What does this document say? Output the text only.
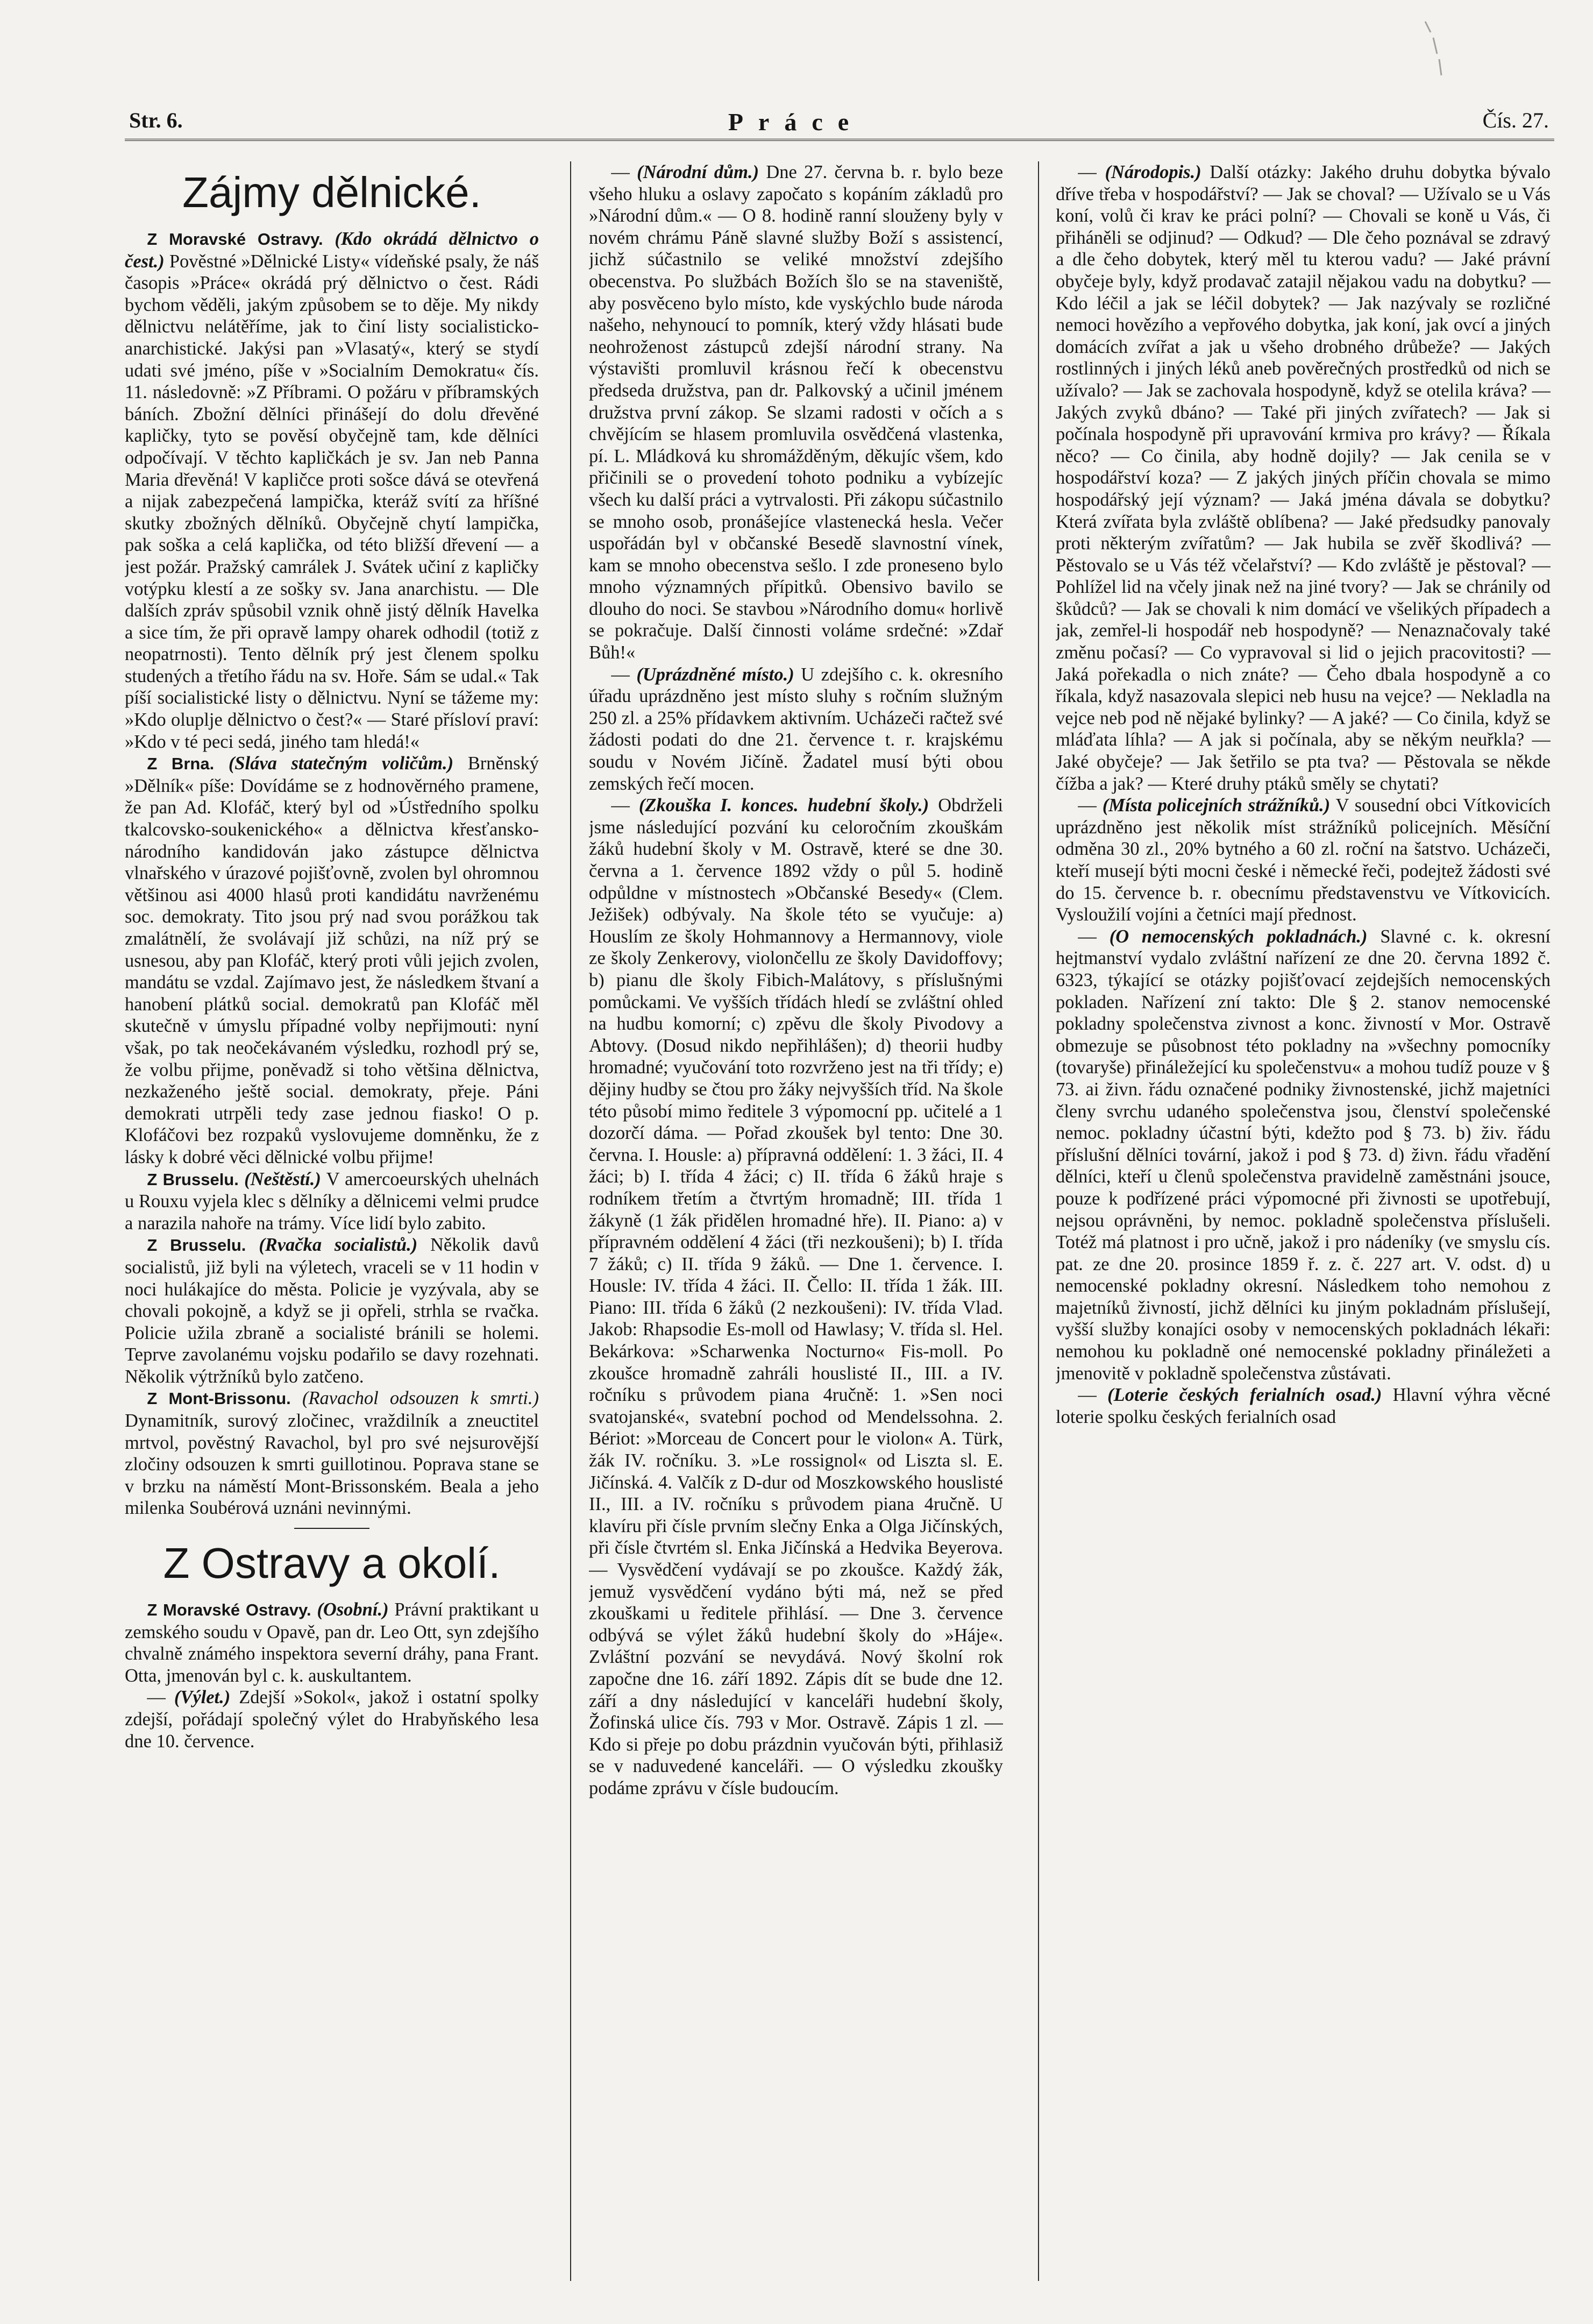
Str. 6.	Práce	Čís. 27.
Zájmy dělnické.

Z Moravské Ostravy. (Kdo okrádá dělnictvo o čest.) Pověstné »Dělnické Listy« vídeňské psaly, že náš časopis »Práce« okrádá prý dělnictvo o čest. Rádi bychom věděli, jakým způsobem se to děje. My nikdy dělnictvu nelátěříme, jak to činí listy socialisticko-anarchistické. Jakýsi pan »Vlasatý«, který se stydí udati své jméno, píše v »Socialním Demokratu« čís. 11. následovně: »Z Příbrami. O požáru v příbramských báních. Zbožní dělníci přinášejí do dolu dřevěné kapličky, tyto se pověsí obyčejně tam, kde dělníci odpočívají. V těchto kapličkách je sv. Jan neb Panna Maria dřevěná! V kapličce proti sošce dává se otevřená a nijak zabezpečená lampička, kteráž svítí za hříšné skutky zbožných dělníků. Obyčejně chytí lampička, pak soška a celá kaplička, od této bližší dřevení — a jest požár. Pražský camrálek J. Svátek učiní z kapličky votýpku klestí a ze sošky sv. Jana anarchistu. — Dle dalších zpráv spůsobil vznik ohně jistý dělník Havelka a sice tím, že při opravě lampy oharek odhodil (totiž z neopatrnosti). Tento dělník prý jest členem spolku studených a třetího řádu na sv. Hoře. Sám se udal.« Tak píší socialistické listy o dělnictvu. Nyní se tážeme my: »Kdo oluplje dělnictvo o čest?« — Staré přísloví praví: »Kdo v té peci sedá, jiného tam hledá!«

Z Brna. (Sláva statečným voličům.) Brněnský »Dělník« píše: Dovídáme se z hodnověrného pramene, že pan Ad. Klofáč, který byl od »Ústředního spolku tkalcovsko-soukenického« a dělnictva křesťansko-národního kandidován jako zástupce dělnictva vlnařského v úrazové pojišťovně, zvolen byl ohromnou většinou asi 4000 hlasů proti kandidátu navrženému soc. demokraty. Tito jsou prý nad svou porážkou tak zmalátnělí, že svolávají již schůzi, na níž prý se usnesou, aby pan Klofáč, který proti vůli jejich zvolen, mandátu se vzdal. Zajímavo jest, že následkem štvaní a hanobení plátků social. demokratů pan Klofáč měl skutečně v úmyslu případné volby nepřijmouti: nyní však, po tak neočekávaném výsledku, rozhodl prý se, že volbu přijme, poněvadž si toho většina dělnictva, nezkaženého ještě social. demokraty, přeje. Páni demokrati utrpěli tedy zase jednou fiasko! O p. Klofáčovi bez rozpaků vyslovujeme domněnku, že z lásky k dobré věci dělnické volbu přijme!

Z Brusselu. (Neštěstí.) V amercoeurských uhelnách u Rouxu vyjela klec s dělníky a dělnicemi velmi prudce a narazila nahoře na trámy. Více lidí bylo zabito.

Z Brusselu. (Rvačka socialistů.) Několik davů socialistů, již byli na výletech, vraceli se v 11 hodin v noci hulákajíce do města. Policie je vyzývala, aby se chovali pokojně, a když se ji opřeli, strhla se rvačka. Policie užila zbraně a socialisté bránili se holemi. Teprve zavolanému vojsku podařilo se davy rozehnati. Několik výtržníků bylo zatčeno.

Z Mont-Brissonu. (Ravachol odsouzen k smrti.) Dynamitník, surový zločinec, vraždilník a zneuctitel mrtvol, pověstný Ravachol, byl pro své nejsurovější zločiny odsouzen k smrti guillotinou. Poprava stane se v brzku na náměstí Mont-Brissonském. Beala a jeho milenka Soubérová uznáni nevinnými.

Z Ostravy a okolí.

Z Moravské Ostravy. (Osobní.) Právní praktikant u zemského soudu v Opavě, pan dr. Leo Ott, syn zdejšího chvalně známého inspektora severní dráhy, pana Frant. Otta, jmenován byl c. k. auskultantem.

— (Výlet.) Zdejší »Sokol«, jakož i ostatní spolky zdejší, pořádají společný výlet do Hrabyňského lesa dne 10. července.

— (Národní dům.) Dne 27. června b. r. bylo beze všeho hluku a oslavy započato s kopáním základů pro »Národní dům.« — O 8. hodině ranní slouženy byly v novém chrámu Páně slavné služby Boží s assistencí, jichž súčastnilo se veliké množství zdejšího obecenstva. Po službách Božích šlo se na staveniště, aby posvěceno bylo místo, kde vyskýchlo bude národa našeho, nehynoucí to pomník, který vždy hlásati bude neohroženost zástupců zdejší národní strany. Na výstavišti promluvil krásnou řečí k obecenstvu předseda družstva, pan dr. Palkovský a učinil jménem družstva první zákop. Se slzami radosti v očích a s chvějícím se hlasem promluvila osvědčená vlastenka, pí. L. Mládková ku shromážděným, děkujíc všem, kdo přičinili se o provedení tohoto podniku a vybízejíc všech ku další práci a vytrvalosti. Při zákopu súčastnilo se mnoho osob, pronášejíce vlastenecká hesla. Večer uspořádán byl v občanské Besedě slavnostní vínek, kam se mnoho obecenstva sešlo. I zde proneseno bylo mnoho významných přípitků. Obensivo bavilo se dlouho do noci. Se stavbou »Národního domu« horlivě se pokračuje. Další činnosti voláme srdečné: »Zdař Bůh!«

— (Uprázdněné místo.) U zdejšího c. k. okresního úřadu uprázdněno jest místo sluhy s ročním služným 250 zl. a 25% přídavkem aktivním. Ucházeči račtež své žádosti podati do dne 21. července t. r. krajskému soudu v Novém Jičíně. Žadatel musí býti obou zemských řečí mocen.

— (Zkouška I. konces. hudební školy.) Obdrželi jsme následující pozvání ku celoročním zkouškám žáků hudební školy v M. Ostravě, které se dne 30. června a 1. července 1892 vždy o půl 5. hodině odpůldne v místnostech »Občanské Besedy« (Clem. Ježišek) odbývaly. Na škole této se vyučuje: a) Houslím ze školy Hohmannovy a Hermannovy, viole ze školy Zenkerovy, violončellu ze školy Davidoffovy; b) pianu dle školy Fibich-Malátovy, s příslušnými pomůckami. Ve vyšších třídách hledí se zvláštní ohled na hudbu komorní; c) zpěvu dle školy Pivodovy a Abtovy. (Dosud nikdo nepřihlášen); d) theorii hudby hromadné; vyučování toto rozvrženo jest na tři třídy; e) dějiny hudby se čtou pro žáky nejvyšších tříd. Na škole této působí mimo ředitele 3 výpomocní pp. učitelé a 1 dozorčí dáma. — Pořad zkoušek byl tento: Dne 30. června. I. Housle: a) přípravná oddělení: 1. 3 žáci, II. 4 žáci; b) I. třída 4 žáci; c) II. třída 6 žáků hraje s rodníkem třetím a čtvrtým hromadně; III. třída 1 žákyně (1 žák přidělen hromadné hře). II. Piano: a) v přípravném oddělení 4 žáci (tři nezkoušeni); b) I. třída 7 žáků; c) II. třída 9 žáků. — Dne 1. července. I. Housle: IV. třída 4 žáci. II. Čello: II. třída 1 žák. III. Piano: III. třída 6 žáků (2 nezkoušeni): IV. třída Vlad. Jakob: Rhapsodie Es-moll od Hawlasy; V. třída sl. Hel. Bekárkova: »Scharwenka Nocturno« Fis-moll. Po zkoušce hromadně zahráli houslisté II., III. a IV. ročníku s průvodem piana 4ručně: 1. »Sen noci svatojanské«, svatební pochod od Mendelssohna. 2. Bériot: »Morceau de Concert pour le violon« A. Türk, žák IV. ročníku. 3. »Le rossignol« od Liszta sl. E. Jičínská. 4. Valčík z D-dur od Moszkowského houslisté II., III. a IV. ročníku s průvodem piana 4ručně. U klavíru při čísle prvním slečny Enka a Olga Jičínských, při čísle čtvrtém sl. Enka Jičínská a Hedvika Beyerova. — Vysvědčení vydávají se po zkoušce. Každý žák, jemuž vysvědčení vydáno býti má, než se před zkouškami u ředitele přihlásí. — Dne 3. července odbývá se výlet žáků hudební školy do »Háje«. Zvláštní pozvání se nevydává. Nový školní rok započne dne 16. září 1892. Zápis dít se bude dne 12. září a dny následující v kanceláři hudební školy, Žofinská ulice čís. 793 v Mor. Ostravě. Zápis 1 zl. — Kdo si přeje po dobu prázdnin vyučován býti, přihlasiž se v naduvedené kanceláři. — O výsledku zkoušky podáme zprávu v čísle budoucím.

— (Národopis.) Další otázky: Jakého druhu dobytka bývalo dříve třeba v hospodářství? — Jak se choval? — Užívalo se u Vás koní, volů či krav ke práci polní? — Chovali se koně u Vás, či přiháněli se odjinud? — Odkud? — Dle čeho poznával se zdravý a dle čeho dobytek, který měl tu kterou vadu? — Jaké právní obyčeje byly, když prodavač zatajil nějakou vadu na dobytku? — Kdo léčil a jak se léčil dobytek? — Jak nazývaly se rozličné nemoci hovězího a vepřového dobytka, jak koní, jak ovcí a jiných domácích zvířat a jak u všeho drobného drůbeže? — Jakých rostlinných i jiných léků aneb pověrečných prostředků od nich se užívalo? — Jak se zachovala hospodyně, když se otelila kráva? — Jakých zvyků dbáno? — Také při jiných zvířatech? — Jak si počínala hospodyně při upravování krmiva pro krávy? — Říkala něco? — Co činila, aby hodně dojily? — Jak cenila se v hospodářství koza? — Z jakých jiných příčin chovala se mimo hospodářský její význam? — Jaká jména dávala se dobytku? Která zvířata byla zvláště oblíbena? — Jaké předsudky panovaly proti některým zvířatům? — Jak hubila se zvěř škodlivá? — Pěstovalo se u Vás též včelařství? — Kdo zvláště je pěstoval? — Pohlížel lid na včely jinak než na jiné tvory? — Jak se chránily od škůdců? — Jak se chovali k nim domácí ve všelikých případech a jak, zemřel-li hospodář neb hospodyně? — Nenaznačovaly také změnu počasí? — Co vypravoval si lid o jejich pracovitosti? — Jaká pořekadla o nich znáte? — Čeho dbala hospodyně a co říkala, když nasazovala slepici neb husu na vejce? — Nekladla na vejce neb pod ně nějaké bylinky? — A jaké? — Co činila, když se mláďata líhla? — A jak si počínala, aby se někým neuřkla? — Jaké obyčeje? — Jak šetřilo se pta tva? — Pěstovala se někde čížba a jak? — Které druhy ptáků směly se chytati?

— (Místa policejních strážníků.) V sousední obci Vítkovicích uprázdněno jest několik míst strážníků policejních. Měsíční odměna 30 zl., 20% bytného a 60 zl. roční na šatstvo. Ucházeči, kteří musejí býti mocni české i německé řeči, podejtež žádosti své do 15. července b. r. obecnímu představenstvu ve Vítkovicích. Vysloužilí vojíni a četníci mají přednost.

— (O nemocenských pokladnách.) Slavné c. k. okresní hejtmanství vydalo zvláštní nařízení ze dne 20. června 1892 č. 6323, týkající se otázky pojišťovací zejdejších nemocenských pokladen. Nařízení zní takto: Dle § 2. stanov nemocenské pokladny společenstva zivnost a konc. živností v Mor. Ostravě obmezuje se působnost této pokladny na »všechny pomocníky (tovaryše) přináležející ku společenstvu« a mohou tudíž pouze v § 73. ai živn. řádu označené podniky živnostenské, jichž majetníci členy svrchu udaného společenstva jsou, členství společenské nemoc. pokladny účastní býti, kdežto pod § 73. b) živ. řádu příslušní dělníci tovární, jakož i pod § 73. d) živn. řádu vřadění dělníci, kteří u členů společenstva pravidelně zaměstnáni jsouce, pouze k podřízené práci výpomocné při živnosti se upotřebují, nejsou oprávněni, by nemoc. pokladně společenstva příslušeli. Totéž má platnost i pro učně, jakož i pro nádeníky (ve smyslu cís. pat. ze dne 20. prosince 1859 ř. z. č. 227 art. V. odst. d) u nemocenské pokladny okresní. Následkem toho nemohou z majetníků živností, jichž dělníci ku jiným pokladnám příslušejí, vyšší služby konajíci osoby v nemocenských pokladnách lékaři: nemohou ku pokladně oné nemocenské pokladny přináležeti a jmenovitě v pokladně společenstva zůstávati.

— (Loterie českých ferialních osad.) Hlavní výhra věcné loterie spolku českých ferialních osad
